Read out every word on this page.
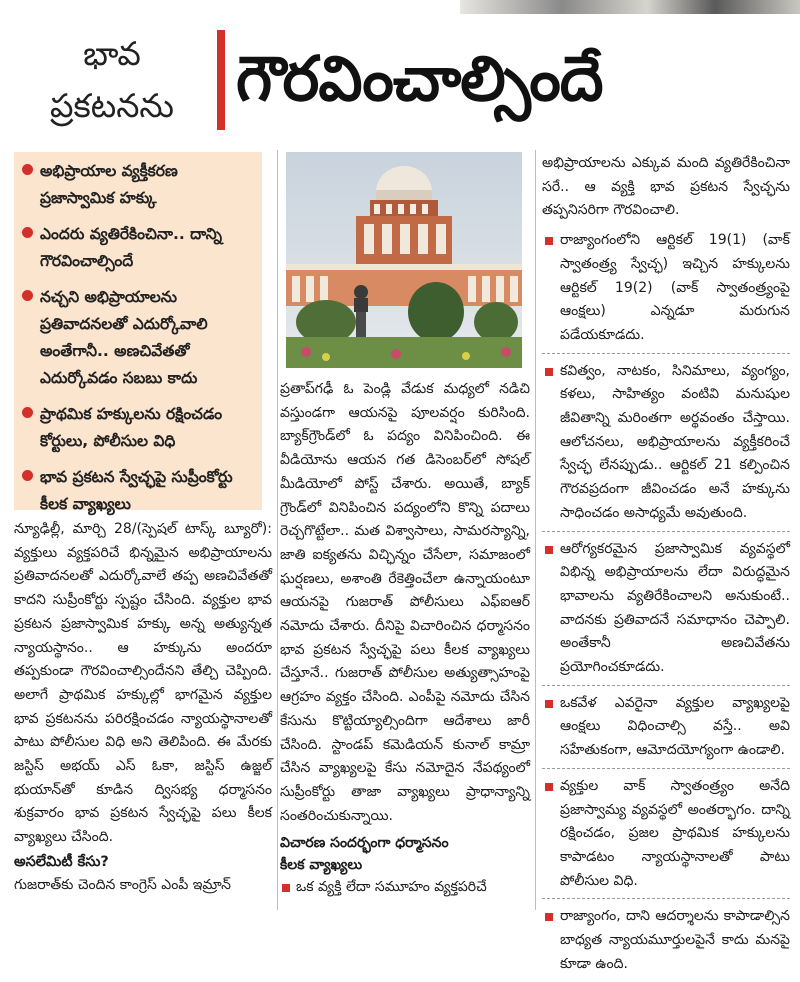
భావ
ప్రకటనను	గౌరవించాల్సిందే
అభిప్రాయాల వ్యక్తీకరణ ప్రజాస్వామిక హక్కు
ఎందరు వ్యతిరేకించినా.. దాన్ని గౌరవించాల్సిందే
నచ్చని అభిప్రాయాలను ప్రతివాదనలతో ఎదుర్కోవాలి అంతేగానీ.. అణచివేతతో ఎదుర్కోవడం సబబు కాదు
ప్రాథమిక హక్కులను రక్షించడం కోర్టులు, పోలీసుల విధి
భావ ప్రకటన స్వేచ్ఛపై సుప్రీంకోర్టు కీలక వ్యాఖ్యలు

న్యూఢిల్లీ, మార్చి 28/(స్పెషల్ టాస్క్ బ్యూరో): వ్యక్తులు వ్యక్తపరిచే భిన్నమైన అభిప్రాయాలను ప్రతివాదనలతో ఎదుర్కోవాలే తప్ప అణచివేతతో కాదని సుప్రీంకోర్టు స్పష్టం చేసింది. వ్యక్తుల భావ ప్రకటన ప్రజాస్వామిక హక్కు అన్న అత్యున్నత న్యాయస్థానం.. ఆ హక్కును అందరూ తప్పకుండా గౌరవించాల్సిందేనని తేల్చి చెప్పింది. అలాగే ప్రాథమిక హక్కుల్లో భాగమైన వ్యక్తుల భావ ప్రకటనను పరిరక్షించడం న్యాయస్థానాలతో పాటు పోలీసుల విధి అని తెలిపింది. ఈ మేరకు జస్టిస్ అభయ్ ఎస్ ఓకా, జస్టిస్ ఉజ్జల్ భుయాన్‌తో కూడిన ద్విసభ్య ధర్మాసనం శుక్రవారం భావ ప్రకటన స్వేచ్ఛపై పలు కీలక వ్యాఖ్యలు చేసింది.

అసలేమిటీ కేసు?

గుజరాత్‌కు చెందిన కాంగ్రెస్ ఎంపీ ఇమ్రాన్

ప్రతాప్‌గఢీ ఓ పెండ్లి వేడుక మధ్యలో నడిచి వస్తుండగా ఆయనపై పూలవర్షం కురిసింది. బ్యాక్‌గ్రౌండ్‌లో ఓ పద్యం వినిపించింది. ఈ వీడియోను ఆయన గత డిసెంబర్‌లో సోషల్ మీడియోలో పోస్ట్ చేశారు. అయితే, బ్యాక్ గ్రౌండ్‌లో వినిపించిన పద్యంలోని కొన్ని పదాలు రెచ్చగొట్టేలా.. మత విశ్వాసాలు, సామరస్యాన్ని, జాతి ఐక్యతను విచ్ఛిన్నం చేసేలా, సమాజంలో ఘర్షణలు, అశాంతి రేకెత్తించేలా ఉన్నాయంటూ ఆయనపై గుజరాత్ పోలీసులు ఎఫ్ఐఆర్ నమోదు చేశారు. దీనిపై విచారించిన ధర్మాసనం భావ ప్రకటన స్వేచ్ఛపై పలు కీలక వ్యాఖ్యలు చేస్తూనే.. గుజరాత్ పోలీసుల అత్యుత్సాహంపై ఆగ్రహం వ్యక్తం చేసింది. ఎంపీపై నమోదు చేసిన కేసును కొట్టియ్యాల్సిందిగా ఆదేశాలు జారీ చేసింది. స్టాండప్ కమెడియన్ కునాల్ కామ్రా చేసిన వ్యాఖ్యలపై కేసు నమోదైన నేపథ్యంలో సుప్రీంకోర్టు తాజా వ్యాఖ్యలు ప్రాధాన్యాన్ని సంతరించుకున్నాయి.

విచారణ సందర్భంగా ధర్మాసనం
కీలక వ్యాఖ్యలు
ఒక వ్యక్తి లేదా సమూహం వ్యక్తపరిచే

అభిప్రాయాలను ఎక్కువ మంది వ్యతిరేకించినా సరే.. ఆ వ్యక్తి భావ ప్రకటన స్వేచ్ఛను తప్పనిసరిగా గౌరవించాలి.

రాజ్యాంగంలోని ఆర్టికల్ 19(1) (వాక్ స్వాతంత్ర్య స్వేచ్ఛ) ఇచ్చిన హక్కులను ఆర్టికల్ 19(2) (వాక్ స్వాతంత్ర్యంపై ఆంక్షలు) ఎన్నడూ మరుగున పడేయకూడదు.
కవిత్వం, నాటకం, సినిమాలు, వ్యంగ్యం, కళలు, సాహిత్యం వంటివి మనుషుల జీవితాన్ని మరింతగా అర్థవంతం చేస్తాయి. ఆలోచనలు, అభిప్రాయాలను వ్యక్తీకరించే స్వేచ్ఛ లేనప్పుడు.. ఆర్టికల్ 21 కల్పించిన గౌరవప్రదంగా జీవించడం అనే హక్కును సాధించడం అసాధ్యమే అవుతుంది.
ఆరోగ్యకరమైన ప్రజాస్వామిక వ్యవస్థలో విభిన్న అభిప్రాయాలను లేదా విరుద్ధమైన భావాలను వ్యతిరేకించాలని అనుకుంటే.. వాదనకు ప్రతివాదనే సమాధానం చెప్పాలి. అంతేకానీ అణచివేతను ప్రయోగించకూడదు.
ఒకవేళ ఎవరైనా వ్యక్తుల వ్యాఖ్యలపై ఆంక్షలు విధించాల్సి వస్తే.. అవి సహేతుకంగా, ఆమోదయోగ్యంగా ఉండాలి.
వ్యక్తుల వాక్ స్వాతంత్ర్యం అనేది ప్రజాస్వామ్య వ్యవస్థలో అంతర్భాగం. దాన్ని రక్షించడం, ప్రజల ప్రాథమిక హక్కులను కాపాడటం న్యాయస్థానాలతో పాటు పోలీసుల విధి.
రాజ్యాంగం, దాని ఆదర్శాలను కాపాడాల్సిన బాధ్యత న్యాయమూర్తులపైనే కాదు మనపై కూడా ఉంది.
